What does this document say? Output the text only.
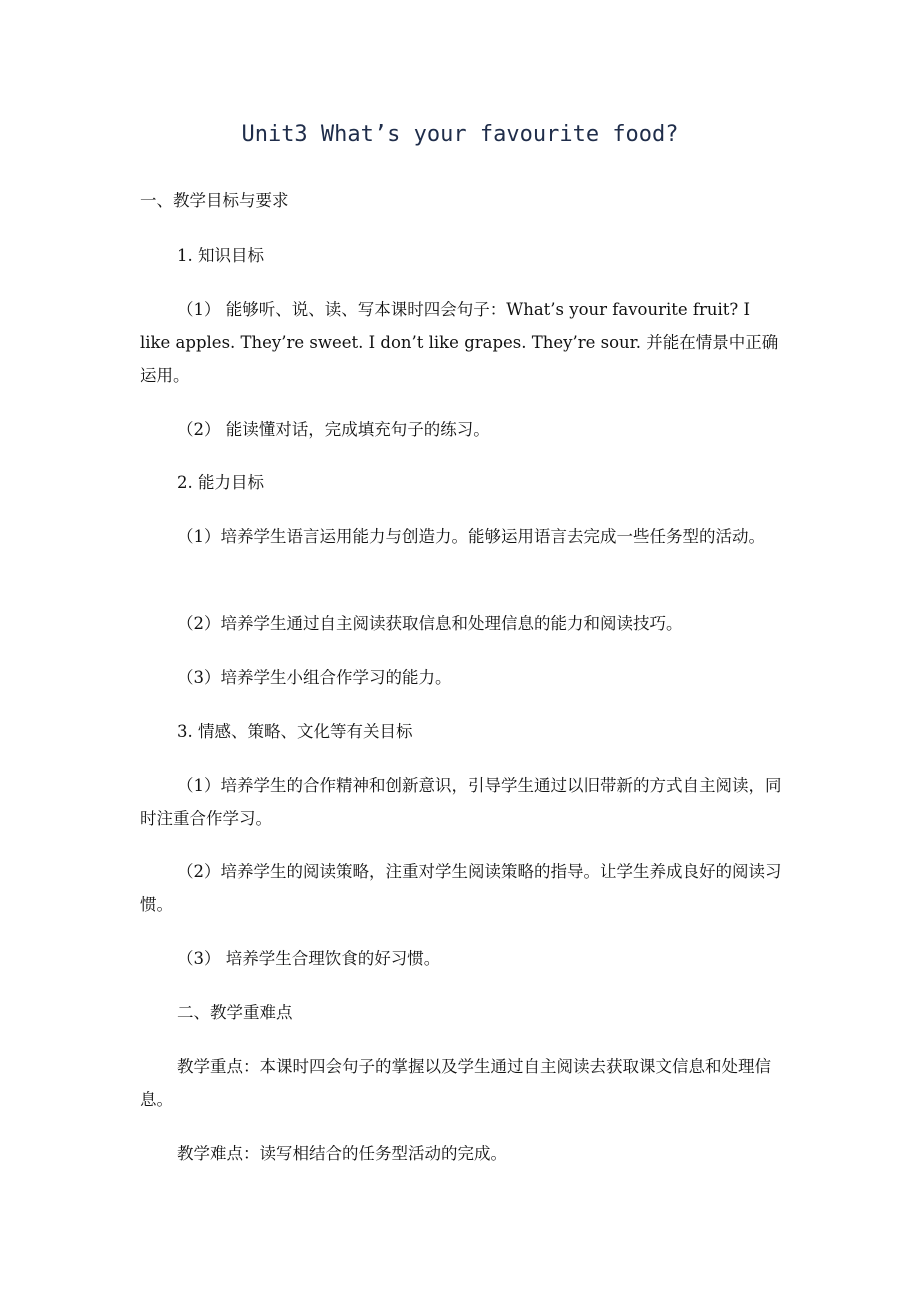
Unit3 What’s your favourite food?

一、教学目标与要求

1. 知识目标

（1） 能够听、说、读、写本课时四会句子：What’s your favourite fruit? I like apples. They’re sweet. I don’t like grapes. They’re sour. 并能在情景中正确运用。

（2） 能读懂对话，完成填充句子的练习。

2. 能力目标

（1）培养学生语言运用能力与创造力。能够运用语言去完成一些任务型的活动。

（2）培养学生通过自主阅读获取信息和处理信息的能力和阅读技巧。

（3）培养学生小组合作学习的能力。

3. 情感、策略、文化等有关目标

（1）培养学生的合作精神和创新意识，引导学生通过以旧带新的方式自主阅读，同时注重合作学习。

（2）培养学生的阅读策略，注重对学生阅读策略的指导。让学生养成良好的阅读习惯。

（3） 培养学生合理饮食的好习惯。

二、教学重难点

教学重点：本课时四会句子的掌握以及学生通过自主阅读去获取课文信息和处理信息。

教学难点：读写相结合的任务型活动的完成。
